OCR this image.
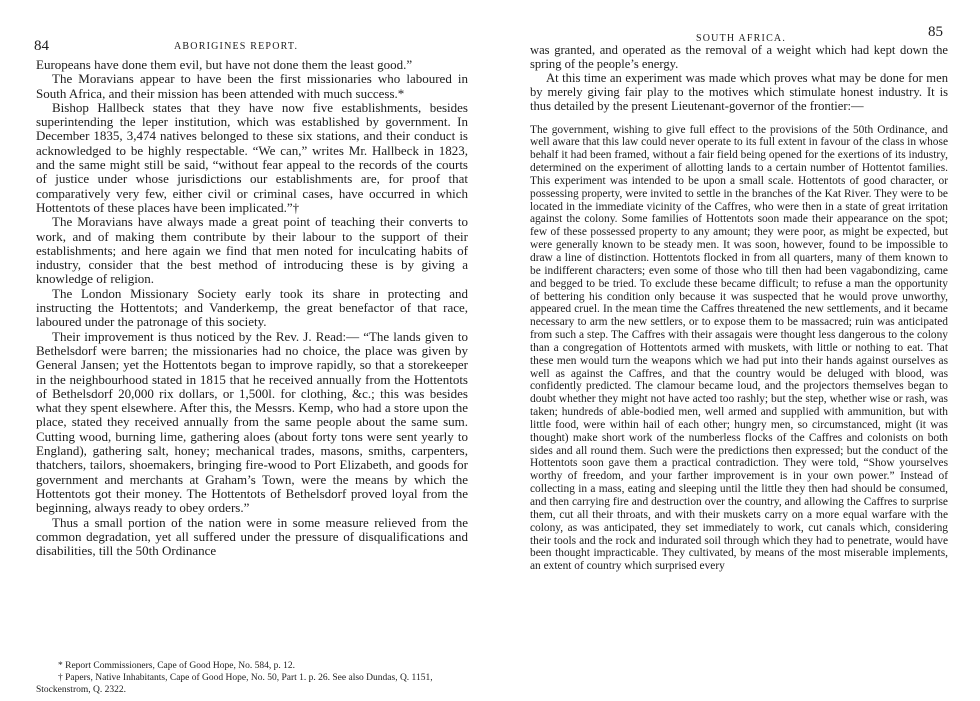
84	ABORIGINES REPORT.

Europeans have done them evil, but have not done them the least good.”

The Moravians appear to have been the first missionaries who laboured in South Africa, and their mission has been attended with much success.*

Bishop Hallbeck states that they have now five establishments, besides superintending the leper institution, which was established by government. In December 1835, 3,474 natives belonged to these six stations, and their conduct is acknowledged to be highly respectable. “We can,” writes Mr. Hallbeck in 1823, and the same might still be said, “without fear appeal to the records of the courts of justice under whose jurisdictions our establishments are, for proof that comparatively very few, either civil or criminal cases, have occurred in which Hottentots of these places have been implicated.”†

The Moravians have always made a great point of teaching their converts to work, and of making them contribute by their labour to the support of their establishments; and here again we find that men noted for inculcating habits of industry, consider that the best method of introducing these is by giving a knowledge of religion.

The London Missionary Society early took its share in protecting and instructing the Hottentots; and Vanderkemp, the great benefactor of that race, laboured under the patronage of this society.

Their improvement is thus noticed by the Rev. J. Read:— “The lands given to Bethelsdorf were barren; the missionaries had no choice, the place was given by General Jansen; yet the Hottentots began to improve rapidly, so that a storekeeper in the neighbourhood stated in 1815 that he received annually from the Hottentots of Bethelsdorf 20,000 rix dollars, or 1,500l. for clothing, &c.; this was besides what they spent elsewhere. After this, the Messrs. Kemp, who had a store upon the place, stated they received annually from the same people about the same sum. Cutting wood, burning lime, gathering aloes (about forty tons were sent yearly to England), gathering salt, honey; mechanical trades, masons, smiths, carpenters, thatchers, tailors, shoemakers, bringing fire-wood to Port Elizabeth, and goods for government and merchants at Graham’s Town, were the means by which the Hottentots got their money. The Hottentots of Bethelsdorf proved loyal from the beginning, always ready to obey orders.”

Thus a small portion of the nation were in some measure relieved from the common degradation, yet all suffered under the pressure of disqualifications and disabilities, till the 50th Ordinance

* Report Commissioners, Cape of Good Hope, No. 584, p. 12.

† Papers, Native Inhabitants, Cape of Good Hope, No. 50, Part 1. p. 26. See also Dundas, Q. 1151, Stockenstrom, Q. 2322.

SOUTH AFRICA.	85

was granted, and operated as the removal of a weight which had kept down the spring of the people’s energy.

At this time an experiment was made which proves what may be done for men by merely giving fair play to the motives which stimulate honest industry. It is thus detailed by the present Lieutenant-governor of the frontier:—

The government, wishing to give full effect to the provisions of the 50th Ordinance, and well aware that this law could never operate to its full extent in favour of the class in whose behalf it had been framed, without a fair field being opened for the exertions of its industry, determined on the experiment of allotting lands to a certain number of Hottentot families. This experiment was intended to be upon a small scale. Hottentots of good character, or possessing property, were invited to settle in the branches of the Kat River. They were to be located in the immediate vicinity of the Caffres, who were then in a state of great irritation against the colony. Some families of Hottentots soon made their appearance on the spot; few of these possessed property to any amount; they were poor, as might be expected, but were generally known to be steady men. It was soon, however, found to be impossible to draw a line of distinction. Hottentots flocked in from all quarters, many of them known to be indifferent characters; even some of those who till then had been vagabondizing, came and begged to be tried. To exclude these became difficult; to refuse a man the opportunity of bettering his condition only because it was suspected that he would prove unworthy, appeared cruel. In the mean time the Caffres threatened the new settlements, and it became necessary to arm the new settlers, or to expose them to be massacred; ruin was anticipated from such a step. The Caffres with their assagais were thought less dangerous to the colony than a congregation of Hottentots armed with muskets, with little or nothing to eat. That these men would turn the weapons which we had put into their hands against ourselves as well as against the Caffres, and that the country would be deluged with blood, was confidently predicted. The clamour became loud, and the projectors themselves began to doubt whether they might not have acted too rashly; but the step, whether wise or rash, was taken; hundreds of able-bodied men, well armed and supplied with ammunition, but with little food, were within hail of each other; hungry men, so circumstanced, might (it was thought) make short work of the numberless flocks of the Caffres and colonists on both sides and all round them. Such were the predictions then expressed; but the conduct of the Hottentots soon gave them a practical contradiction. They were told, “Show yourselves worthy of freedom, and your farther improvement is in your own power.” Instead of collecting in a mass, eating and sleeping until the little they then had should be consumed, and then carrying fire and destruction over the country, and allowing the Caffres to surprise them, cut all their throats, and with their muskets carry on a more equal warfare with the colony, as was anticipated, they set immediately to work, cut canals which, considering their tools and the rock and indurated soil through which they had to penetrate, would have been thought impracticable. They cultivated, by means of the most miserable implements, an extent of country which surprised every
